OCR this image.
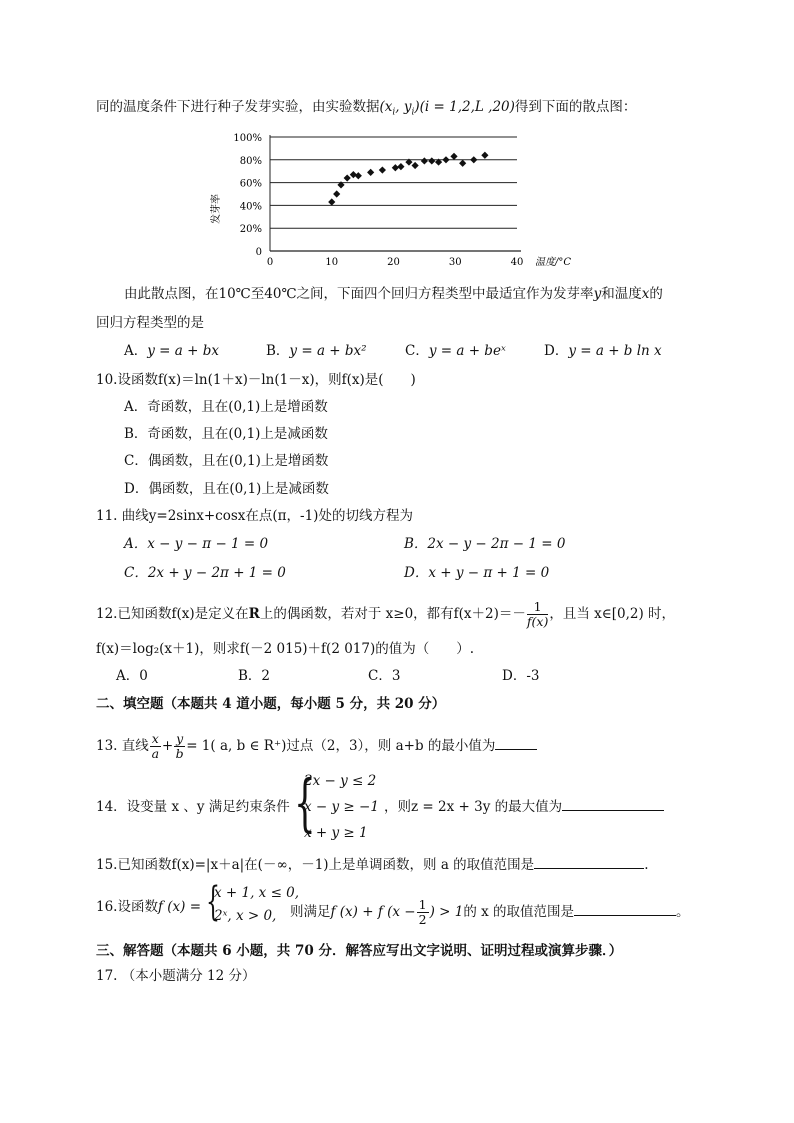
同的温度条件下进行种子发芽实验，由实验数据($x_i$, $y_i)(i = 1,2,L$ ,20)得到下面的散点图：
0
20%
40%
60%
80%
100%
0	10	20	30	40
发芽率
温度/°C
由此散点图，在10℃至40℃之间，下面四个回归方程类型中最适宜作为发芽率y和温度x的
回归方程类型的是
A．y = a + bx	B．y = a + bx²	C．y = a + beˣ	D．y = a + b ln x
10.设函数f(x)＝ln(1＋x)－ln(1－x)，则f(x)是(　　)
A．奇函数，且在(0,1)上是增函数
B．奇函数，且在(0,1)上是减函数
C．偶函数，且在(0,1)上是增函数
D．偶函数，且在(0,1)上是减函数
11. 曲线y=2sinx+cosx在点(π，-1)处的切线方程为
A．x − y − π − 1 = 0	B．2x − y − 2π − 1 = 0
C．2x + y − 2π + 1 = 0	D．x + y − π + 1 = 0
12.已知函数f(x)是定义在R上的偶函数，若对于 x≥0，都有$f(x+2)=- \frac{1}{f(x)}$ ，且当 x∈[0,2) 时，
f(x)＝log₂(x＋1)，则求f(－2 015)＋f(2 017)的值为（　　）.
A．0	B．2	C．3	D．-3
二、填空题（本题共 4 道小题，每小题 5 分，共 20 分）
13. 直线 $\frac{x}{a} + \frac{y}{b} = 1$( a, b ∈ R⁺)过点（2，3），则 a+b 的最小值为
{
2x − y ≤ 2
x − y ≥ −1
x + y ≥ 1
14．设变量 x 、y 满足约束条件	，则z = 2x + 3y 的最大值为
15.已知函数f(x)=|x＋a|在(－∞，－1)上是单调函数，则 a 的取值范围是	.
16.设函数f (x) = {
x + 1, x ≤ 0,
2ˣ, x > 0, 则满足f (x) + f ($x - \frac{1}{2}$ ) > 1的 x 的取值范围是	。
三、解答题（本题共 6 小题，共 70 分．解答应写出文字说明、证明过程或演算步骤．）
17. （本小题满分 12 分）
